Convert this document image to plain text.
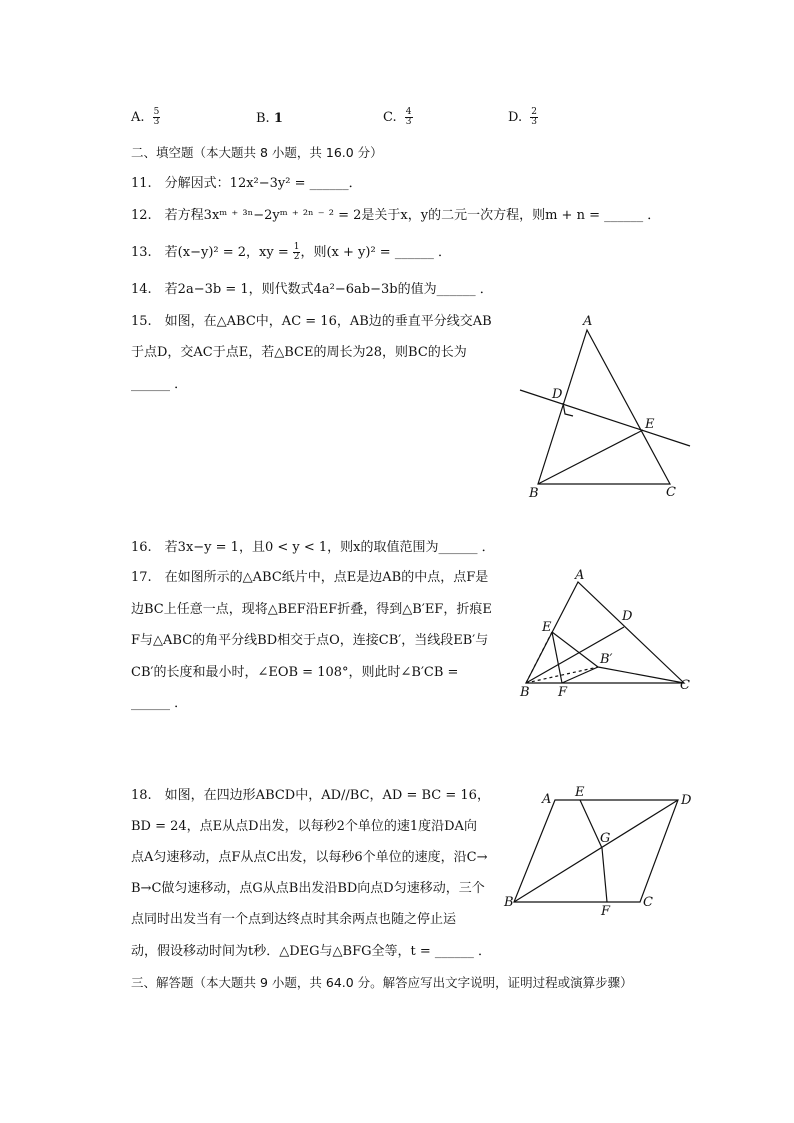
A. $\frac{5}{3}$	B. 1	C. $\frac{4}{3}$	D. $\frac{2}{3}$
二、填空题（本大题共 8 小题，共 16.0 分）
11.　分解因式：12x²−3y² = ______．
12.　若方程3xᵐ ⁺ ³ⁿ−2yᵐ ⁺ ²ⁿ ⁻ ² = 2是关于x，y的二元一次方程，则m + n = ______ ．
13.　若(x−y)² = 2，xy = $\frac{1}{2}$ ，则(x + y)² = ______ ．
14.　若2a−3b = 1，则代数式4a²−6ab−3b的值为______ ．
15.　如图，在△ABC中，AC = 16，AB边的垂直平分线交AB
于点D，交AC于点E，若△BCE的周长为28，则BC的长为
______ ．
A
D
E
B	C
16.　若3x−y = 1，且0 < y < 1，则x的取值范围为______ ．
17.　在如图所示的△ABC纸片中，点E是边AB的中点，点F是
边BC上任意一点，现将△BEF沿EF折叠，得到△B′EF，折痕E
F与△ABC的角平分线BD相交于点O，连接CB′，当线段EB′与
CB′的长度和最小时，∠EOB = 108°，则此时∠B′CB =
______ ．
A
D
E
B′
B F	C
18.　如图，在四边形ABCD中，AD//BC，AD = BC = 16，
BD = 24，点E从点D出发，以每秒2个单位的速1度沿DA向
点A匀速移动，点F从点C出发，以每秒6个单位的速度，沿C→
B→C做匀速移动，点G从点B出发沿BD向点D匀速移动，三个
点同时出发当有一个点到达终点时其余两点也随之停止运
动，假设移动时间为t秒．△DEG与△BFG全等，t = ______ ．
A E
D
G
B
F
C
三、解答题（本大题共 9 小题，共 64.0 分。解答应写出文字说明，证明过程或演算步骤）
